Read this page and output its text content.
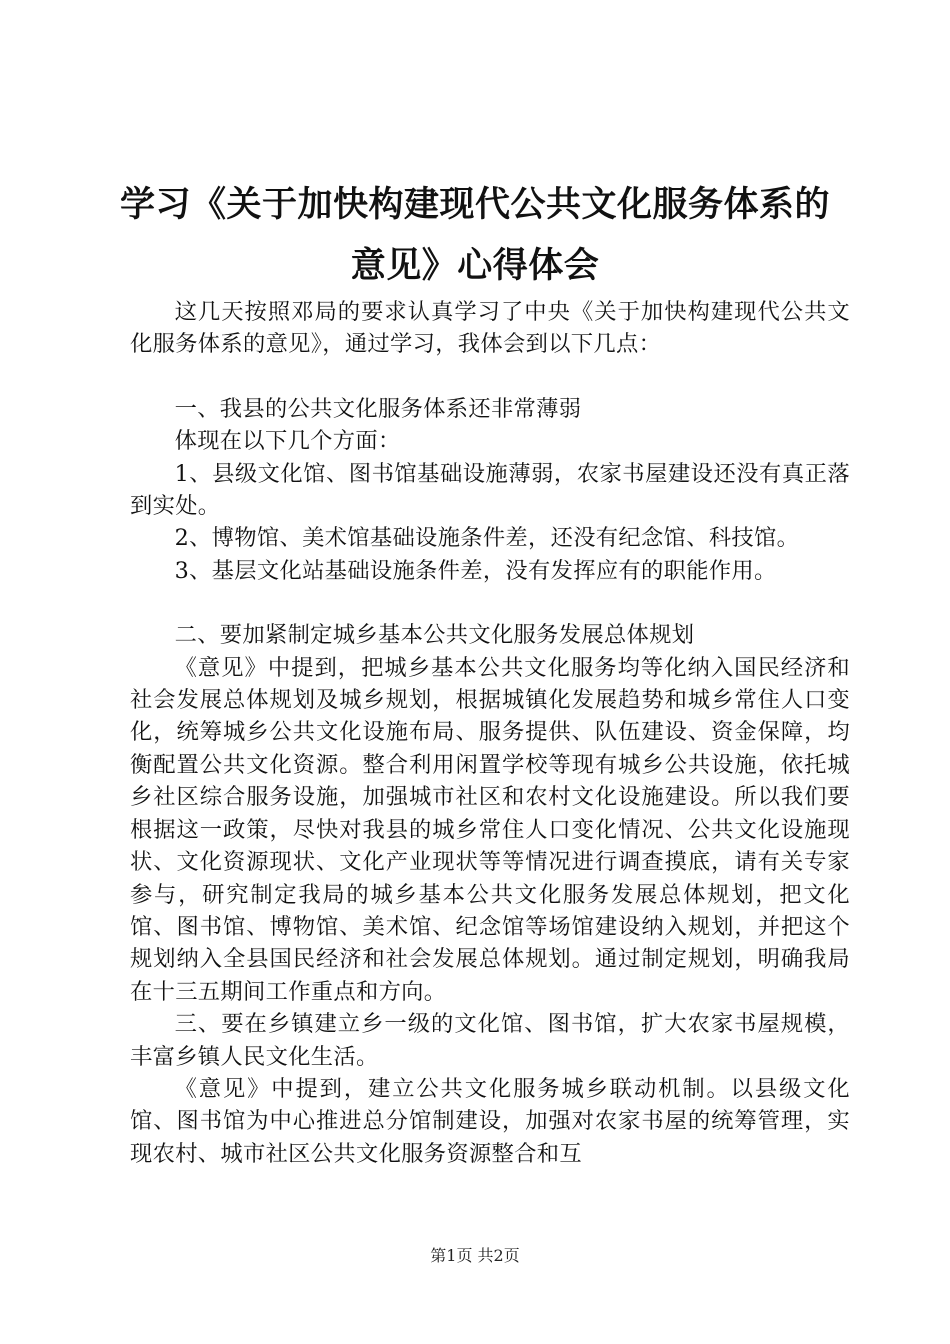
学习《关于加快构建现代公共文化服务体系的
意见》心得体会

这几天按照邓局的要求认真学习了中央《关于加快构建现代公共文化服务体系的意见》，通过学习，我体会到以下几点：

一、我县的公共文化服务体系还非常薄弱

体现在以下几个方面：

1、县级文化馆、图书馆基础设施薄弱，农家书屋建设还没有真正落到实处。

2、博物馆、美术馆基础设施条件差，还没有纪念馆、科技馆。

3、基层文化站基础设施条件差，没有发挥应有的职能作用。

二、要加紧制定城乡基本公共文化服务发展总体规划

《意见》中提到，把城乡基本公共文化服务均等化纳入国民经济和社会发展总体规划及城乡规划，根据城镇化发展趋势和城乡常住人口变化，统筹城乡公共文化设施布局、服务提供、队伍建设、资金保障，均衡配置公共文化资源。整合利用闲置学校等现有城乡公共设施，依托城乡社区综合服务设施，加强城市社区和农村文化设施建设。所以我们要根据这一政策，尽快对我县的城乡常住人口变化情况、公共文化设施现状、文化资源现状、文化产业现状等等情况进行调查摸底，请有关专家参与，研究制定我局的城乡基本公共文化服务发展总体规划，把文化馆、图书馆、博物馆、美术馆、纪念馆等场馆建设纳入规划，并把这个规划纳入全县国民经济和社会发展总体规划。通过制定规划，明确我局在十三五期间工作重点和方向。

三、要在乡镇建立乡一级的文化馆、图书馆，扩大农家书屋规模，丰富乡镇人民文化生活。

《意见》中提到，建立公共文化服务城乡联动机制。以县级文化馆、图书馆为中心推进总分馆制建设，加强对农家书屋的统筹管理，实现农村、城市社区公共文化服务资源整合和互

第1页 共2页
